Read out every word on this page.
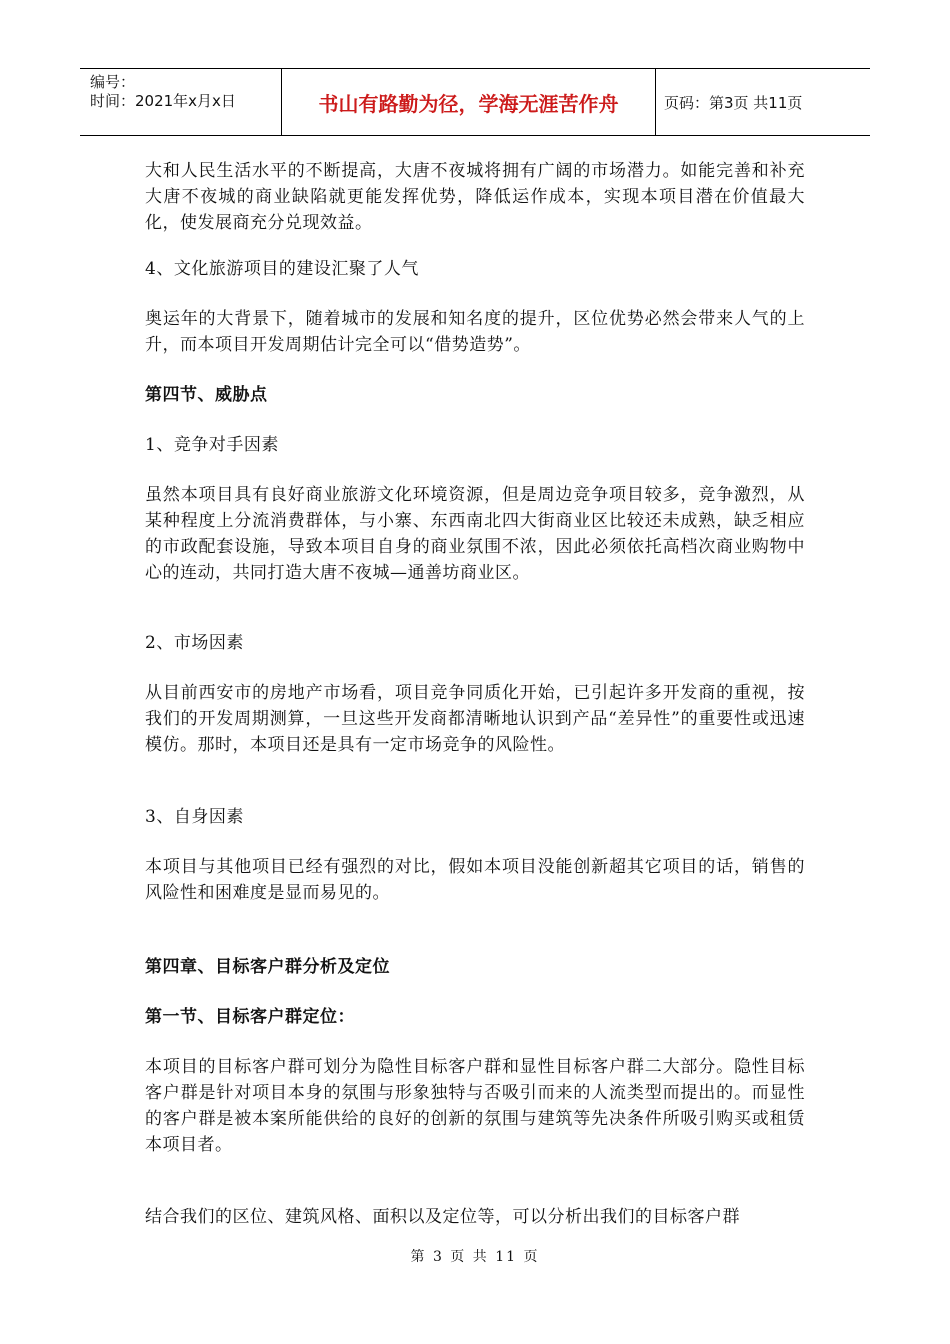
编号：
时间：2021年x月x日	书山有路勤为径，学海无涯苦作舟	页码：第3页 共11页

大和人民生活水平的不断提高，大唐不夜城将拥有广阔的市场潜力。如能完善和补充大唐不夜城的商业缺陷就更能发挥优势，降低运作成本，实现本项目潜在价值最大化，使发展商充分兑现效益。

4、文化旅游项目的建设汇聚了人气

奥运年的大背景下，随着城市的发展和知名度的提升，区位优势必然会带来人气的上升，而本项目开发周期估计完全可以“借势造势”。

第四节、威胁点

1、竞争对手因素

虽然本项目具有良好商业旅游文化环境资源，但是周边竞争项目较多，竞争激烈，从某种程度上分流消费群体，与小寨、东西南北四大街商业区比较还未成熟，缺乏相应的市政配套设施，导致本项目自身的商业氛围不浓，因此必须依托高档次商业购物中心的连动，共同打造大唐不夜城—通善坊商业区。

2、市场因素

从目前西安市的房地产市场看，项目竞争同质化开始，已引起许多开发商的重视，按我们的开发周期测算，一旦这些开发商都清晰地认识到产品“差异性”的重要性或迅速模仿。那时，本项目还是具有一定市场竞争的风险性。

3、自身因素

本项目与其他项目已经有强烈的对比，假如本项目没能创新超其它项目的话，销售的风险性和困难度是显而易见的。

第四章、目标客户群分析及定位

第一节、目标客户群定位：

本项目的目标客户群可划分为隐性目标客户群和显性目标客户群二大部分。隐性目标客户群是针对项目本身的氛围与形象独特与否吸引而来的人流类型而提出的。而显性的客户群是被本案所能供给的良好的创新的氛围与建筑等先决条件所吸引购买或租赁本项目者。

结合我们的区位、建筑风格、面积以及定位等，可以分析出我们的目标客户群

第 3 页 共 11 页
